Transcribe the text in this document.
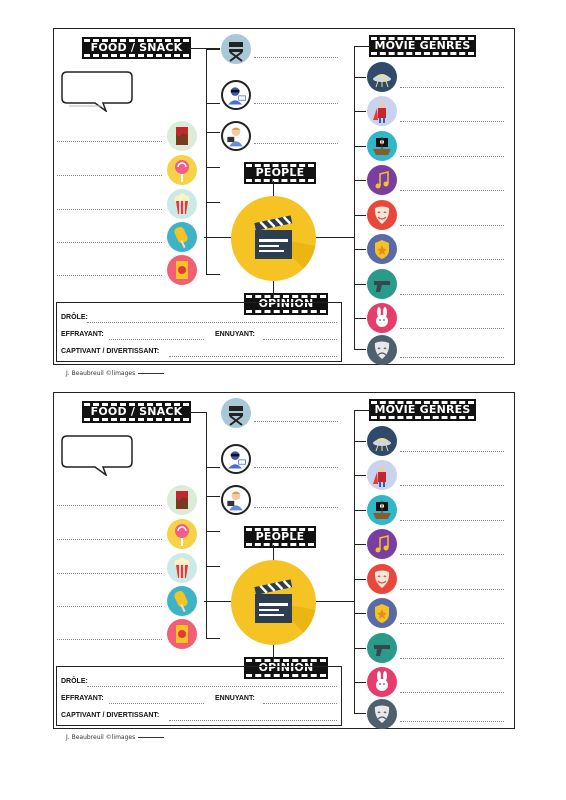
FOOD / SNACK	MOVIE GENRES
PEOPLE
OPINION
DRÔLE:
EFFRAYANT:	ENNUYANT:
CAPTIVANT / DIVERTISSANT:
J. Beaubreuil ©limages
FOOD / SNACK	MOVIE GENRES
PEOPLE
OPINION
DRÔLE:
EFFRAYANT:	ENNUYANT:
CAPTIVANT / DIVERTISSANT:
J. Beaubreuil ©limages
